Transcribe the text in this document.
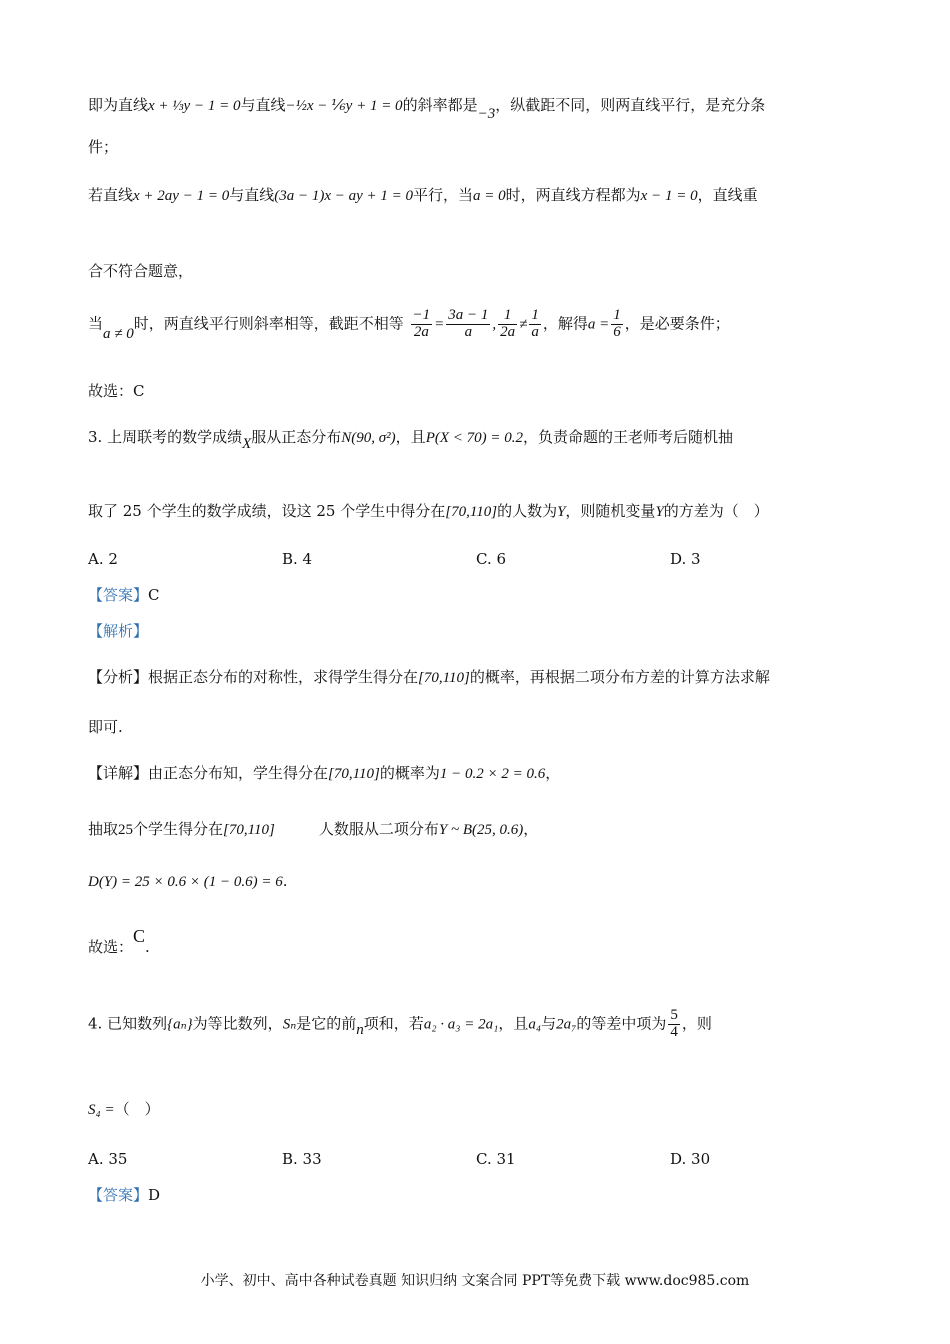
即为直线x + ⅓y − 1 = 0与直线−½x − ⅙y + 1 = 0的斜率都是−3，纵截距不同，则两直线平行，是充分条
件；
若直线x + 2ay − 1 = 0与直线(3a − 1)x − ay + 1 = 0平行，当a = 0时，两直线方程都为x − 1 = 0，直线重
合不符合题意，
当a ≠ 0时，两直线平行则斜率相等，截距不相等 $\frac{-1}{2a} = \frac{3a - 1}{a}$ , $\frac{1}{2a} \ne \frac{1}{a}$ ，解得$a = \frac{1}{6}$ ，是必要条件；
故选：C
3. 上周联考的数学成绩X服从正态分布N(90, σ²)，且P(X < 70) = 0.2，负责命题的王老师考后随机抽
取了 25 个学生的数学成绩，设这 25 个学生中得分在[70,110]的人数为Y，则随机变量Y的方差为（　）
A. 2	B. 4	C. 6	D. 3
【答案】C
【解析】
【分析】根据正态分布的对称性，求得学生得分在[70,110]的概率，再根据二项分布方差的计算方法求解
即可.
【详解】由正态分布知，学生得分在[70,110]的概率为1 − 0.2 × 2 = 0.6，
抽取25个学生得分在[70,110]	人数服从二项分布Y ~ B(25, 0.6)，
D(Y) = 25 × 0.6 × (1 − 0.6) = 6.
故选：C.
4. 已知数列{aₙ}为等比数列，Sₙ是它的前n项和，若a₂ · a₃ = 2a₁，且a₄与2a₇的等差中项为 $\frac{5}{4}$ ，则
S₄ =（　）
A. 35	B. 33	C. 31	D. 30
【答案】D
小学、初中、高中各种试卷真题 知识归纳 文案合同 PPT等免费下载 www.doc985.com
